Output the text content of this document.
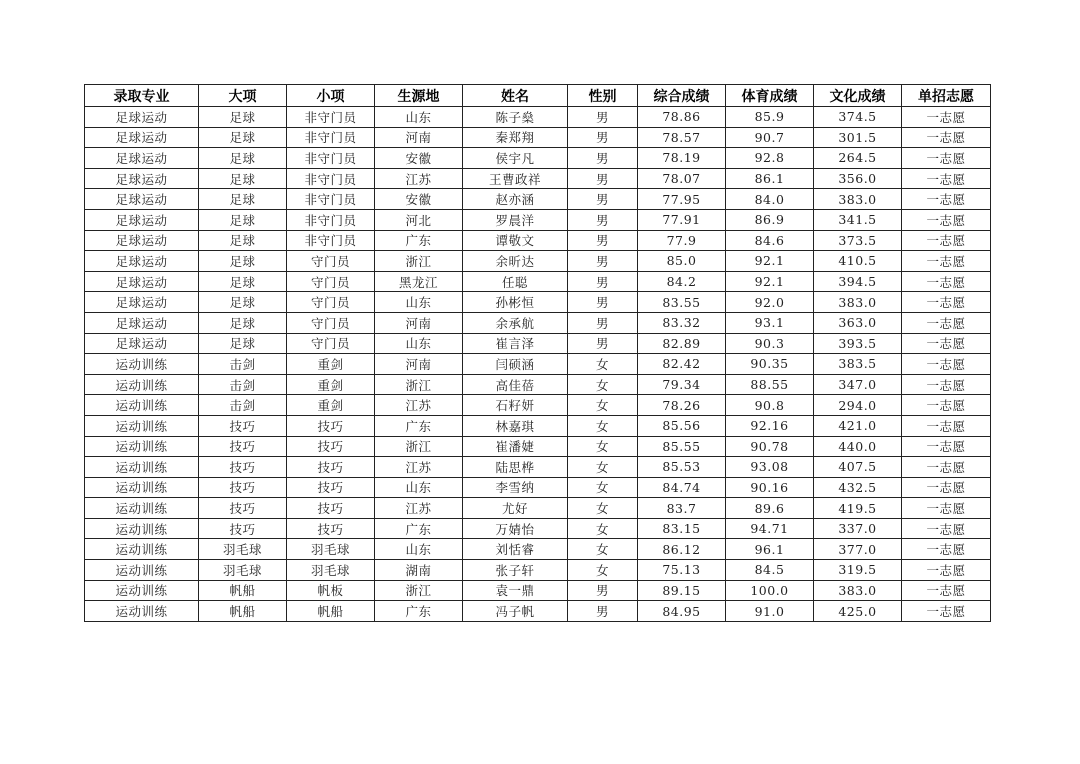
录取专业	大项	小项	生源地	姓名	性别	综合成绩	体育成绩	文化成绩	单招志愿
足球运动	足球	非守门员	山东	陈子燊	男	78.86	85.9	374.5	一志愿
足球运动	足球	非守门员	河南	秦郑翔	男	78.57	90.7	301.5	一志愿
足球运动	足球	非守门员	安徽	侯宇凡	男	78.19	92.8	264.5	一志愿
足球运动	足球	非守门员	江苏	王曹政祥	男	78.07	86.1	356.0	一志愿
足球运动	足球	非守门员	安徽	赵亦涵	男	77.95	84.0	383.0	一志愿
足球运动	足球	非守门员	河北	罗晨洋	男	77.91	86.9	341.5	一志愿
足球运动	足球	非守门员	广东	谭敬文	男	77.9	84.6	373.5	一志愿
足球运动	足球	守门员	浙江	余昕达	男	85.0	92.1	410.5	一志愿
足球运动	足球	守门员	黑龙江	任聪	男	84.2	92.1	394.5	一志愿
足球运动	足球	守门员	山东	孙彬恒	男	83.55	92.0	383.0	一志愿
足球运动	足球	守门员	河南	余承航	男	83.32	93.1	363.0	一志愿
足球运动	足球	守门员	山东	崔言泽	男	82.89	90.3	393.5	一志愿
运动训练	击剑	重剑	河南	闫硕涵	女	82.42	90.35	383.5	一志愿
运动训练	击剑	重剑	浙江	高佳蓓	女	79.34	88.55	347.0	一志愿
运动训练	击剑	重剑	江苏	石籽妍	女	78.26	90.8	294.0	一志愿
运动训练	技巧	技巧	广东	林嘉琪	女	85.56	92.16	421.0	一志愿
运动训练	技巧	技巧	浙江	崔潘婕	女	85.55	90.78	440.0	一志愿
运动训练	技巧	技巧	江苏	陆思桦	女	85.53	93.08	407.5	一志愿
运动训练	技巧	技巧	山东	李雪纳	女	84.74	90.16	432.5	一志愿
运动训练	技巧	技巧	江苏	尤好	女	83.7	89.6	419.5	一志愿
运动训练	技巧	技巧	广东	万婧怡	女	83.15	94.71	337.0	一志愿
运动训练	羽毛球	羽毛球	山东	刘恬睿	女	86.12	96.1	377.0	一志愿
运动训练	羽毛球	羽毛球	湖南	张子轩	女	75.13	84.5	319.5	一志愿
运动训练	帆船	帆板	浙江	袁一鼎	男	89.15	100.0	383.0	一志愿
运动训练	帆船	帆船	广东	冯子帆	男	84.95	91.0	425.0	一志愿
